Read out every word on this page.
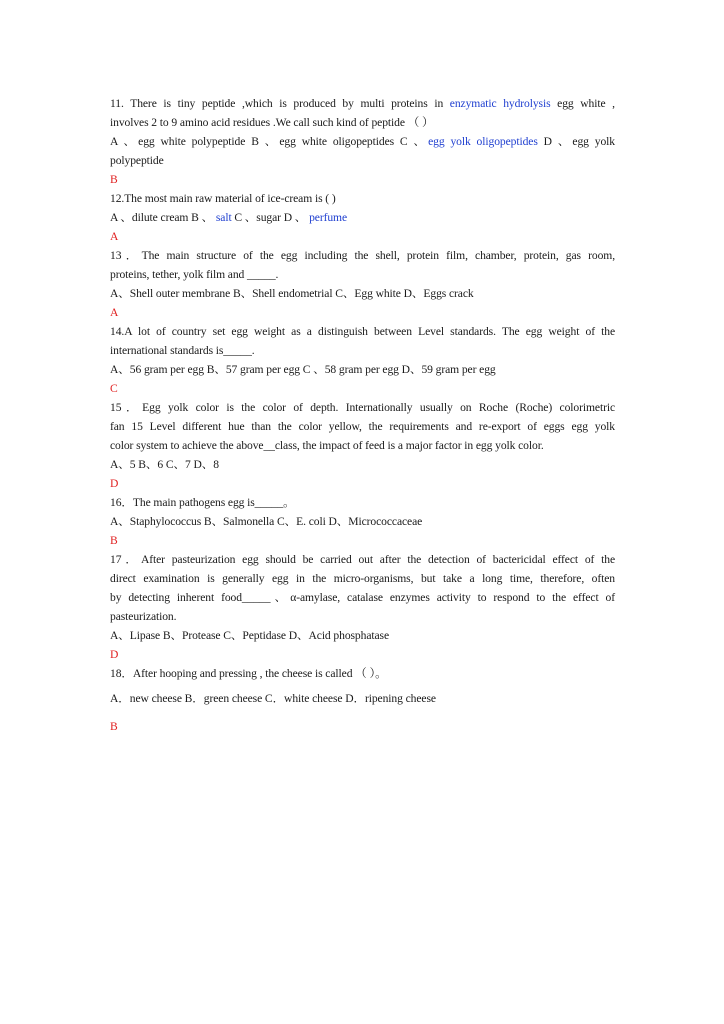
11. There is tiny peptide ,which is produced by multi proteins in enzymatic hydrolysis egg white ,
involves 2 to 9 amino acid residues .We call such kind of peptide （ ）
A 、egg white polypeptide B 、egg white oligopeptides C 、egg yolk oligopeptides D 、egg yolk
polypeptide
B
12.The most main raw material of ice-cream is ( )
A 、dilute cream B 、 salt C 、sugar D 、 perfume
A
13．The main structure of the egg including the shell, protein film, chamber, protein, gas room,
proteins, tether, yolk film and _____.
A、Shell outer membrane B、Shell endometrial C、Egg white D、Eggs crack
A
14.A lot of country set egg weight as a distinguish between Level standards. The egg weight of the
international standards is_____.
A、56 gram per egg B、57 gram per egg C 、58 gram per egg D、59 gram per egg
C
15．Egg yolk color is the color of depth. Internationally usually on Roche (Roche) colorimetric
fan 15 Level different hue than the color yellow, the requirements and re-export of eggs egg yolk
color system to achieve the above__class, the impact of feed is a major factor in egg yolk color.
A、5 B、6 C、7 D、8
D
16．The main pathogens egg is_____。
A、Staphylococcus B、Salmonella C、E. coli D、Micrococcaceae
B
17．After pasteurization egg should be carried out after the detection of bactericidal effect of the
direct examination is generally egg in the micro-organisms, but take a long time, therefore, often
by detecting inherent food_____、α-amylase, catalase enzymes activity to respond to the effect of
pasteurization.
A、Lipase B、Protease C、Peptidase D、Acid phosphatase
D
18．After hooping and pressing , the cheese is called （ ）。
A．new cheese B．green cheese C．white cheese D．ripening cheese
B
